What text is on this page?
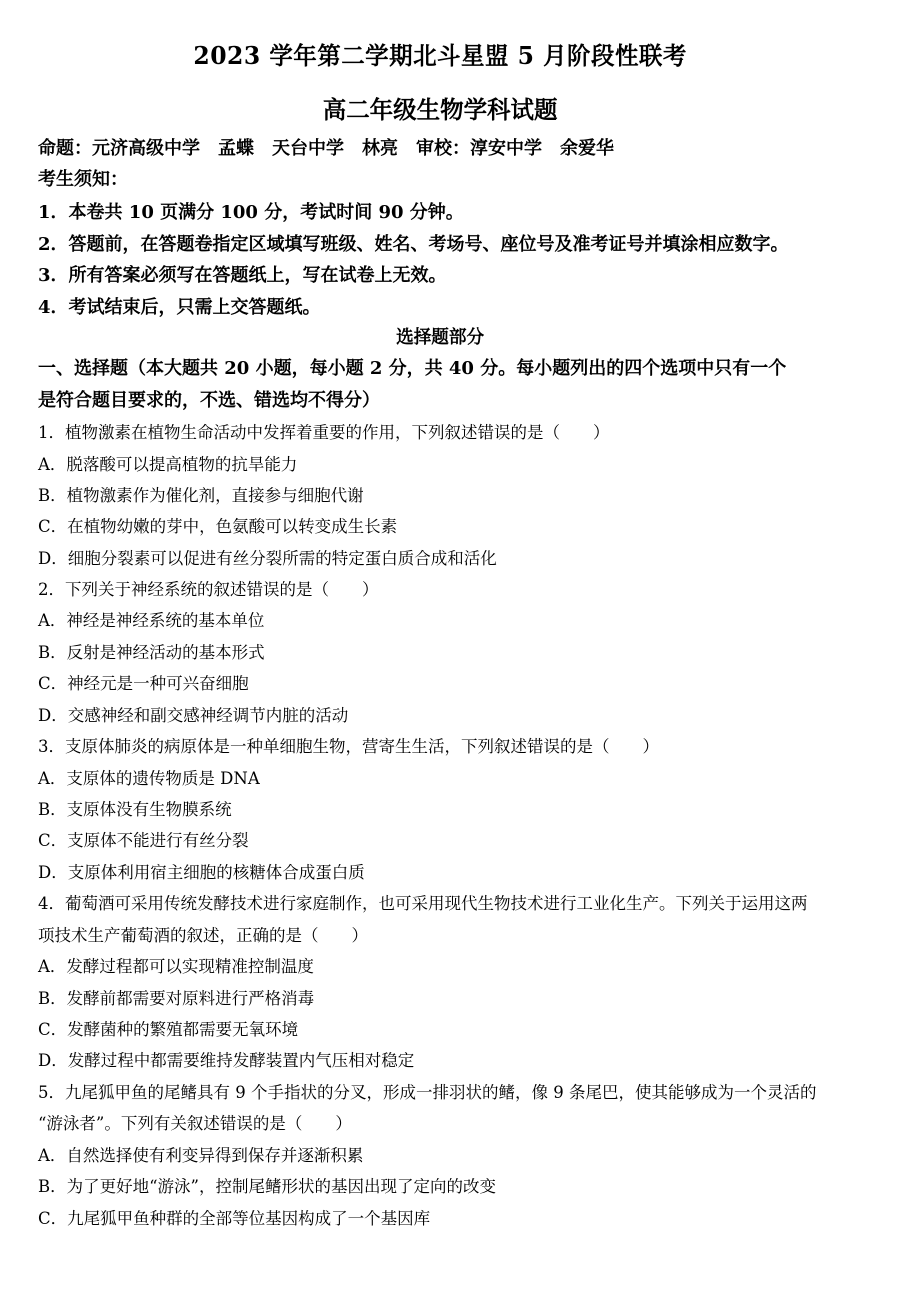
2023 学年第二学期北斗星盟 5 月阶段性联考
高二年级生物学科试题
命题：元济高级中学　孟蝶　天台中学　林亮　审校：淳安中学　余爱华
考生须知：
1．本卷共 10 页满分 100 分，考试时间 90 分钟。
2．答题前，在答题卷指定区域填写班级、姓名、考场号、座位号及准考证号并填涂相应数字。
3．所有答案必须写在答题纸上，写在试卷上无效。
4．考试结束后，只需上交答题纸。
选择题部分
一、选择题（本大题共 20 小题，每小题 2 分，共 40 分。每小题列出的四个选项中只有一个
是符合题目要求的，不选、错选均不得分）
1．植物激素在植物生命活动中发挥着重要的作用，下列叙述错误的是（　　）
A．脱落酸可以提高植物的抗旱能力
B．植物激素作为催化剂，直接参与细胞代谢
C．在植物幼嫩的芽中，色氨酸可以转变成生长素
D．细胞分裂素可以促进有丝分裂所需的特定蛋白质合成和活化
2．下列关于神经系统的叙述错误的是（　　）
A．神经是神经系统的基本单位
B．反射是神经活动的基本形式
C．神经元是一种可兴奋细胞
D．交感神经和副交感神经调节内脏的活动
3．支原体肺炎的病原体是一种单细胞生物，营寄生生活，下列叙述错误的是（　　）
A．支原体的遗传物质是 DNA
B．支原体没有生物膜系统
C．支原体不能进行有丝分裂
D．支原体利用宿主细胞的核糖体合成蛋白质
4．葡萄酒可采用传统发酵技术进行家庭制作，也可采用现代生物技术进行工业化生产。下列关于运用这两
项技术生产葡萄酒的叙述，正确的是（　　）
A．发酵过程都可以实现精准控制温度
B．发酵前都需要对原料进行严格消毒
C．发酵菌种的繁殖都需要无氧环境
D．发酵过程中都需要维持发酵装置内气压相对稳定
5．九尾狐甲鱼的尾鳍具有 9 个手指状的分叉，形成一排羽状的鳍，像 9 条尾巴，使其能够成为一个灵活的
“游泳者”。下列有关叙述错误的是（　　）
A．自然选择使有利变异得到保存并逐渐积累
B．为了更好地“游泳”，控制尾鳍形状的基因出现了定向的改变
C．九尾狐甲鱼种群的全部等位基因构成了一个基因库
